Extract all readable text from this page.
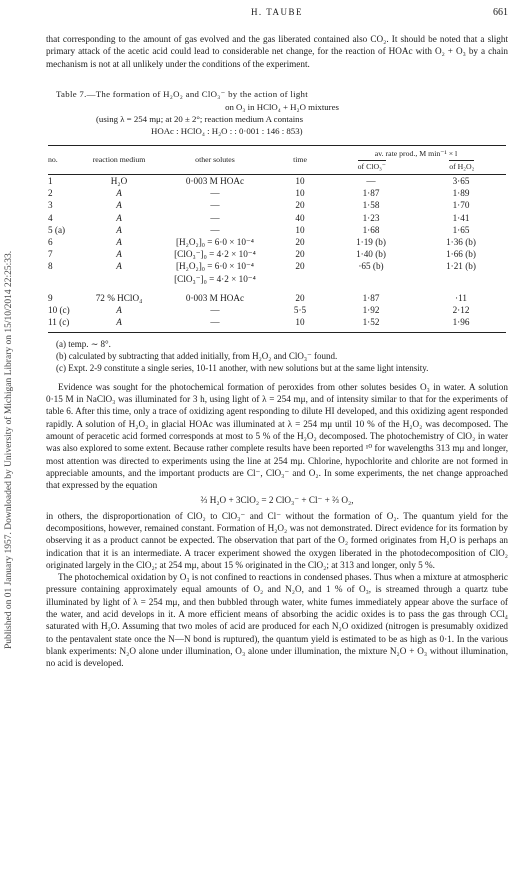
Published on 01 January 1957. Downloaded by University of Michigan Library on 15/10/2014 22:25:33.
H. TAUBE	661

that corresponding to the amount of gas evolved and the gas liberated contained also CO₂. It should be noted that a slight primary attack of the acetic acid could lead to considerable net change, for the reaction of HOAc with O₂ + O₃ by a chain mechanism is not at all unlikely under the conditions of the experiment.

Table 7.—The formation of H₂O₂ and ClO₃⁻ by the action of light
on O₃ in HClO₄ + H₂O mixtures
(using λ = 254 mμ; at 20 ± 2°; reaction medium A contains
HOAc : HClO₄ : H₂O : : 0·001 : 146 : 853)
no.	reaction medium	other solutes	time	av. rate prod., M min⁻¹ × l
of ClO₃⁻ of H₂O₂	

1	H₂O	0·003 M HOAc	10	—	3·65

2	A	—	10	1·87	1·89

3	A	—	20	1·58	1·70

4	A	—	40	1·23	1·41

5 (a)	A	—	10	1·68	1·65

6	A	[H₂O₂]₀ = 6·0 × 10⁻⁴	20	1·19 (b)	1·36 (b)

7	A	[ClO₃⁻]₀ = 4·2 × 10⁻⁴	20	1·40 (b)	1·66 (b)

8	A	[H₂O₂]₀ = 6·0 × 10⁻⁴
[ClO₃⁻]₀ = 4·2 × 10⁻⁴	20	·65 (b)	1·21 (b)

9	72 % HClO₄	0·003 M HOAc	20	1·87	·11

10 (c)	A	—	5·5	1·92	2·12

11 (c)	A	—	10	1·52	1·96

(a) temp. ∼ 8°.

(b) calculated by subtracting that added initially, from H₂O₂ and ClO₃⁻ found.

(c) Expt. 2-9 constitute a single series, 10-11 another, with new solutions but at the same light intensity.

Evidence was sought for the photochemical formation of peroxides from other solutes besides O₃ in water. A solution 0·15 M in NaClO₃ was illuminated for 3 h, using light of λ = 254 mμ, and of intensity similar to that for the experiments of table 6. After this time, only a trace of oxidizing agent responding to dilute HI developed, and this oxidizing agent responded rapidly. A solution of H₂O₂ in glacial HOAc was illuminated at λ = 254 mμ until 10 % of the H₂O₂ was decomposed. The amount of peracetic acid formed corresponds at most to 5 % of the H₂O₂ decomposed. The photochemistry of ClO₂ in water was also explored to some extent. Because rather complete results have been reported ¹⁰ for wavelengths 313 mμ and longer, most attention was directed to experiments using the line at 254 mμ. Chlorine, hypochlorite and chlorite are not formed in appreciable amounts, and the important products are Cl⁻, ClO₃⁻ and O₂. In some experiments, the net change approached that expressed by the equation

⅔ H₂O + 3ClO₂ = 2 ClO₃⁻ + Cl⁻ + ⅔ O₂,

in others, the disproportionation of ClO₂ to ClO₃⁻ and Cl⁻ without the formation of O₂. The quantum yield for the decompositions, however, remained constant. Formation of H₂O₂ was not demonstrated. Direct evidence for its formation by observing it as a product cannot be expected. The observation that part of the O₂ formed originates from H₂O is perhaps an indication that it is an intermediate. A tracer experiment showed the oxygen liberated in the photodecomposition of ClO₂ originated largely in the ClO₂; at 254 mμ, about 15 % originated in the ClO₂; at 313 and longer, only 5 %.

The photochemical oxidation by O₃ is not confined to reactions in condensed phases. Thus when a mixture at atmospheric pressure containing approximately equal amounts of O₂ and N₂O, and 1 % of O₃, is streamed through a quartz tube illuminated by light of λ = 254 mμ, and then bubbled through water, white fumes immediately appear above the surface of the water, and acid develops in it. A more efficient means of absorbing the acidic oxides is to pass the gas through CCl₄ saturated with H₂O. Assuming that two moles of acid are produced for each N₂O oxidized (nitrogen is presumably oxidized to the pentavalent state once the N—N bond is ruptured), the quantum yield is estimated to be as high as 0·1. In the various blank experiments: N₂O alone under illumination, O₃ alone under illumination, the mixture N₂O + O₃ without illumination, no acid is developed.
